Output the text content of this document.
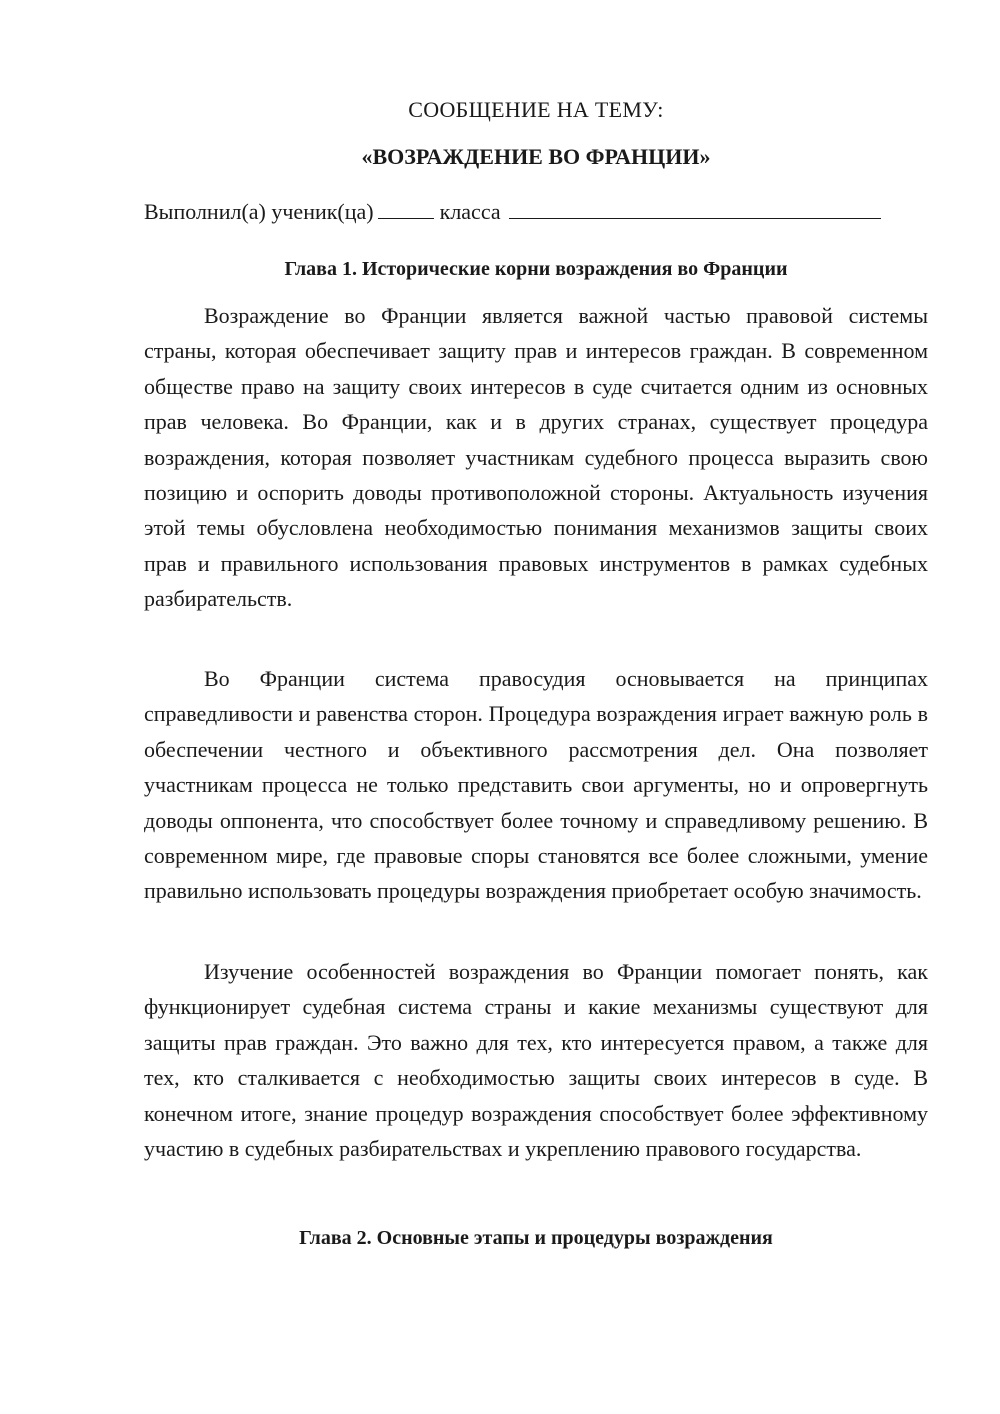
СООБЩЕНИЕ НА ТЕМУ:
«ВОЗРАЖДЕНИЕ ВО ФРАНЦИИ»
Выполнил(а) ученик(ца)	класса
Глава 1. Исторические корни возраждения во Франции

Возраждение во Франции является важной частью правовой системы страны, которая обеспечивает защиту прав и интересов граждан. В современном обществе право на защиту своих интересов в суде считается одним из основных прав человека. Во Франции, как и в других странах, существует процедура возраждения, которая позволяет участникам судебного процесса выразить свою позицию и оспорить доводы противоположной стороны. Актуальность изучения этой темы обусловлена необходимостью понимания механизмов защиты своих прав и правильного использования правовых инструментов в рамках судебных разбирательств.

Во Франции система правосудия основывается на принципах справедливости и равенства сторон. Процедура возраждения играет важную роль в обеспечении честного и объективного рассмотрения дел. Она позволяет участникам процесса не только представить свои аргументы, но и опровергнуть доводы оппонента, что способствует более точному и справедливому решению. В современном мире, где правовые споры становятся все более сложными, умение правильно использовать процедуры возраждения приобретает особую значимость.

Изучение особенностей возраждения во Франции помогает понять, как функционирует судебная система страны и какие механизмы существуют для защиты прав граждан. Это важно для тех, кто интересуется правом, а также для тех, кто сталкивается с необходимостью защиты своих интересов в суде. В конечном итоге, знание процедур возраждения способствует более эффективному участию в судебных разбирательствах и укреплению правового государства.

Глава 2. Основные этапы и процедуры возраждения
